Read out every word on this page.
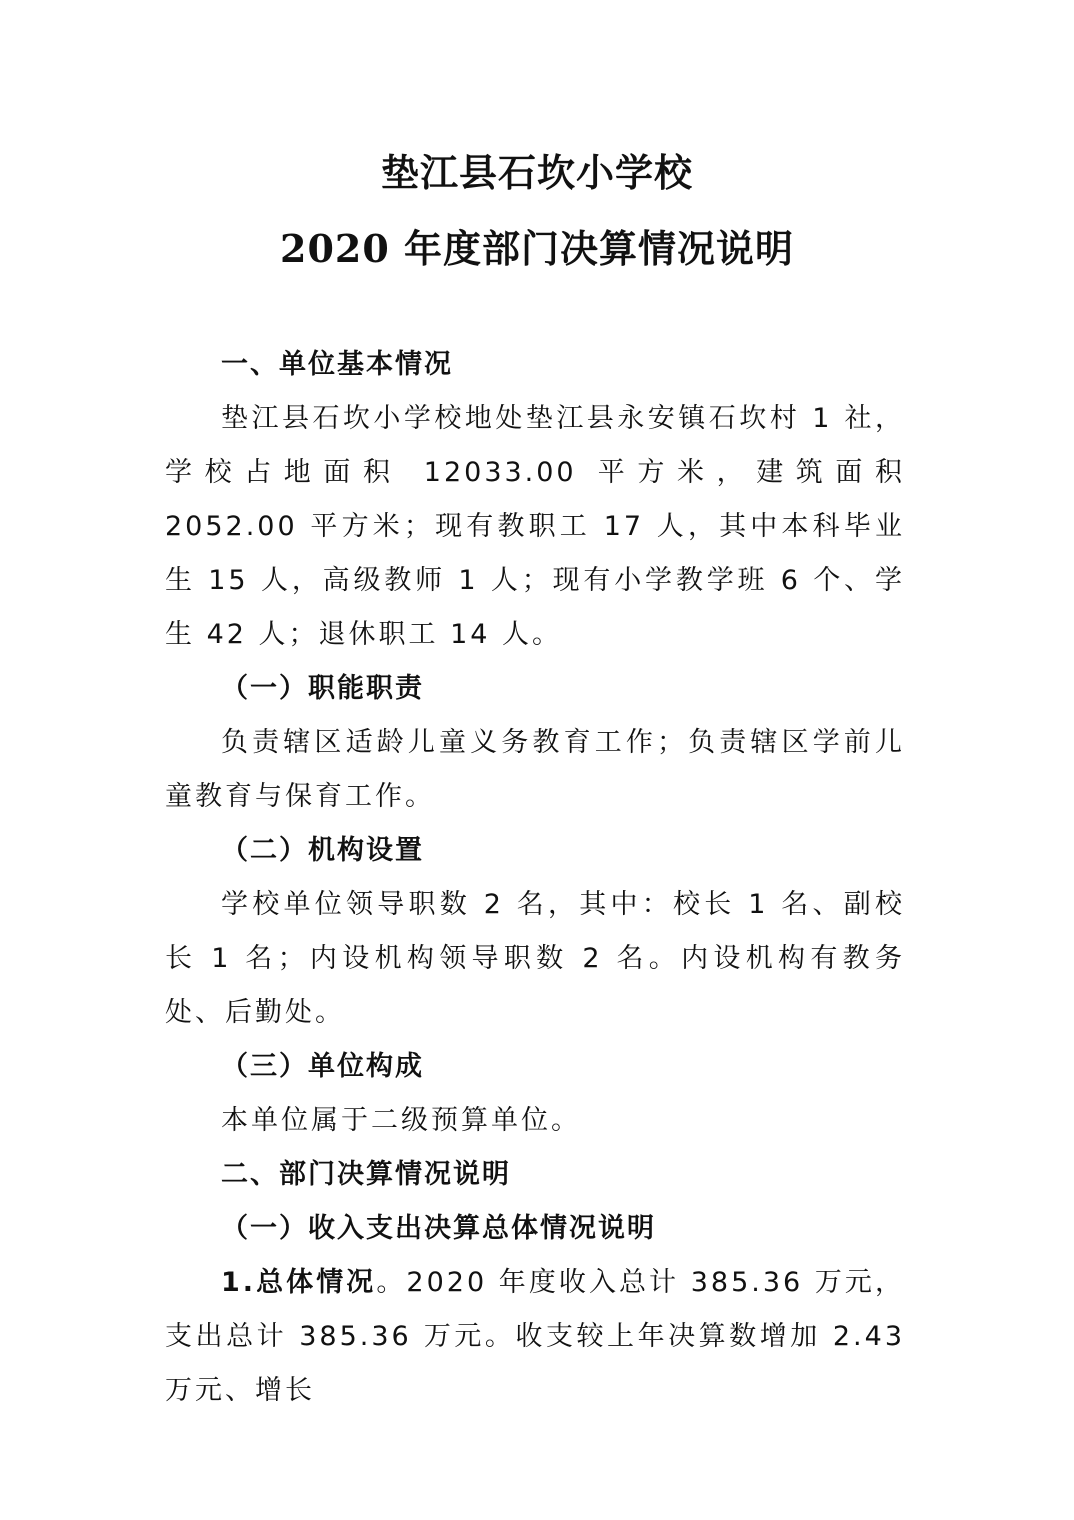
垫江县石坎小学校
2020 年度部门决算情况说明

一、单位基本情况

垫江县石坎小学校地处垫江县永安镇石坎村 1 社，学校占地面积 12033.00 平方米，建筑面积 2052.00 平方米；现有教职工 17 人，其中本科毕业生 15 人，高级教师 1 人；现有小学教学班 6 个、学生 42 人；退休职工 14 人。

（一）职能职责

负责辖区适龄儿童义务教育工作；负责辖区学前儿童教育与保育工作。

（二）机构设置

学校单位领导职数 2 名，其中：校长 1 名、副校长 1 名；内设机构领导职数 2 名。内设机构有教务处、后勤处。

（三）单位构成

本单位属于二级预算单位。

二、部门决算情况说明

（一）收入支出决算总体情况说明

1.总体情况。2020 年度收入总计 385.36 万元，支出总计 385.36 万元。收支较上年决算数增加 2.43 万元、增长
